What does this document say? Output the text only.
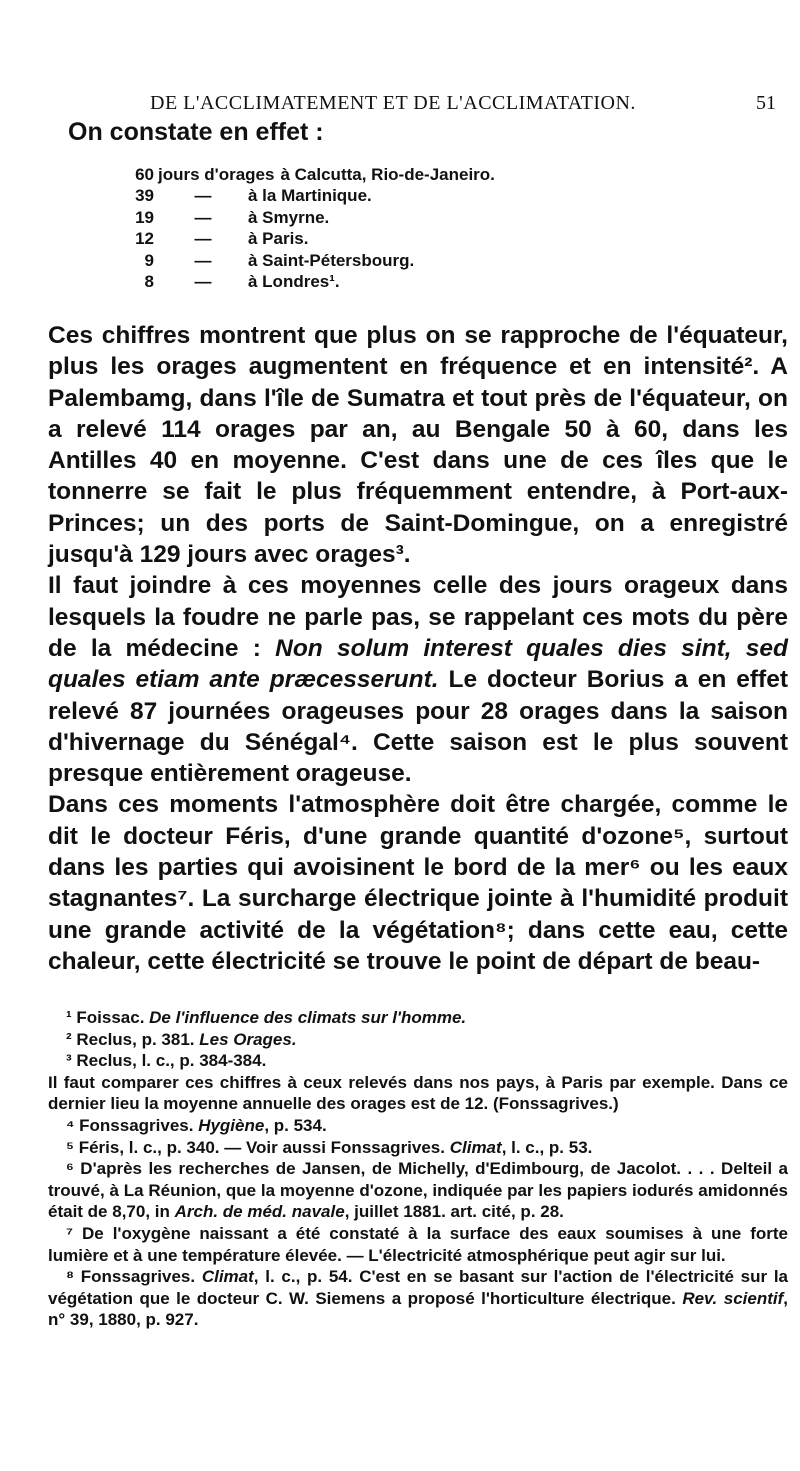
DE L'ACCLIMATEMENT ET DE L'ACCLIMATATION.	51
On constate en effet :
60 jours d'orages à Calcutta, Rio-de-Janeiro.
39	—	à la Martinique.
19	—	à Smyrne.
12	—	à Paris.
9	—	à Saint-Pétersbourg.
8	—	à Londres¹.

Ces chiffres montrent que plus on se rapproche de l'équateur, plus les orages augmentent en fréquence et en intensité². A Palembamg, dans l'île de Sumatra et tout près de l'équateur, on a relevé 114 orages par an, au Bengale 50 à 60, dans les Antilles 40 en moyenne. C'est dans une de ces îles que le tonnerre se fait le plus fréquemment entendre, à Port-aux-Princes; un des ports de Saint-Domingue, on a enregistré jusqu'à 129 jours avec orages³.

Il faut joindre à ces moyennes celle des jours orageux dans lesquels la foudre ne parle pas, se rappelant ces mots du père de la médecine : Non solum interest quales dies sint, sed quales etiam ante præcesserunt. Le docteur Borius a en effet relevé 87 journées orageuses pour 28 orages dans la saison d'hivernage du Sénégal⁴. Cette saison est le plus souvent presque entièrement orageuse.

Dans ces moments l'atmosphère doit être chargée, comme le dit le docteur Féris, d'une grande quantité d'ozone⁵, surtout dans les parties qui avoisinent le bord de la mer⁶ ou les eaux stagnantes⁷. La surcharge électrique jointe à l'humidité produit une grande activité de la végétation⁸; dans cette eau, cette chaleur, cette électricité se trouve le point de départ de beau-

¹ Foissac. De l'influence des climats sur l'homme.

² Reclus, p. 381. Les Orages.

³ Reclus, l. c., p. 384-384.

Il faut comparer ces chiffres à ceux relevés dans nos pays, à Paris par exemple. Dans ce dernier lieu la moyenne annuelle des orages est de 12. (Fonssagrives.)

⁴ Fonssagrives. Hygiène, p. 534.

⁵ Féris, l. c., p. 340. — Voir aussi Fonssagrives. Climat, l. c., p. 53.

⁶ D'après les recherches de Jansen, de Michelly, d'Edimbourg, de Jacolot. . . . Delteil a trouvé, à La Réunion, que la moyenne d'ozone, indiquée par les papiers iodurés amidonnés était de 8,70, in Arch. de méd. navale, juillet 1881. art. cité, p. 28.

⁷ De l'oxygène naissant a été constaté à la surface des eaux soumises à une forte lumière et à une température élevée. — L'électricité atmosphérique peut agir sur lui.

⁸ Fonssagrives. Climat, l. c., p. 54. C'est en se basant sur l'action de l'électricité sur la végétation que le docteur C. W. Siemens a proposé l'horticulture électrique. Rev. scientif, n° 39, 1880, p. 927.
